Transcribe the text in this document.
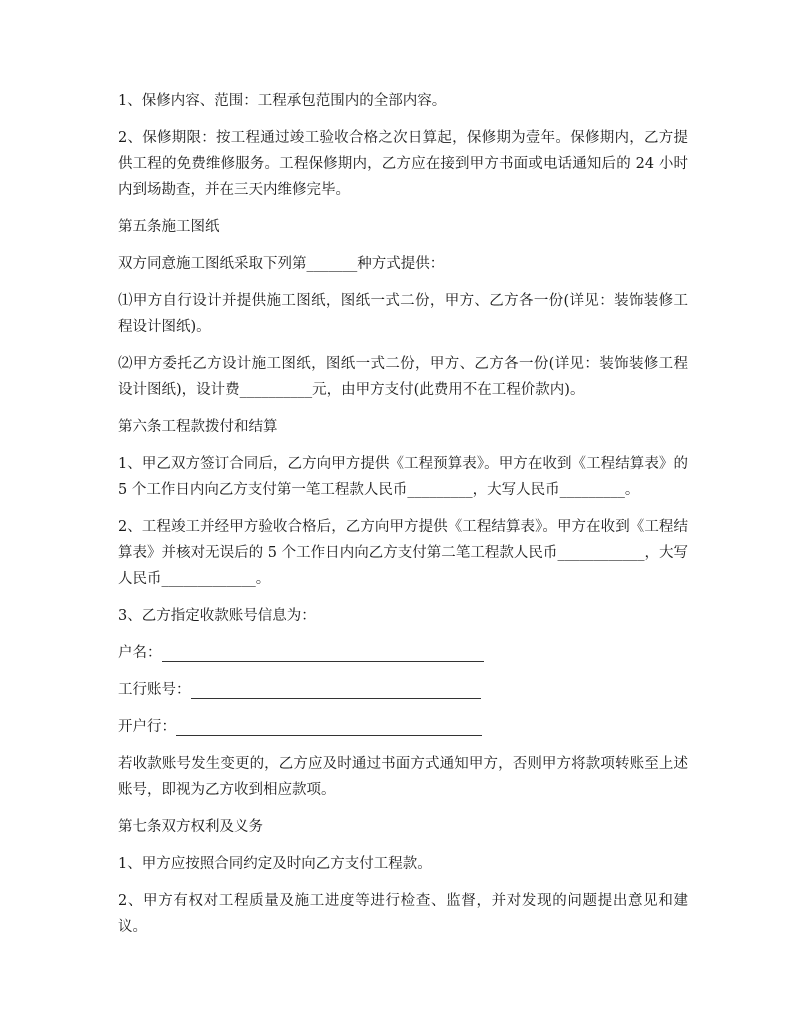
1、保修内容、范围：工程承包范围内的全部内容。

2、保修期限：按工程通过竣工验收合格之次日算起，保修期为壹年。保修期内，乙方提供工程的免费维修服务。工程保修期内，乙方应在接到甲方书面或电话通知后的 24 小时内到场勘查，并在三天内维修完毕。

第五条施工图纸

双方同意施工图纸采取下列第_______种方式提供：

⑴甲方自行设计并提供施工图纸，图纸一式二份，甲方、乙方各一份(详见：装饰装修工程设计图纸)。

⑵甲方委托乙方设计施工图纸，图纸一式二份，甲方、乙方各一份(详见：装饰装修工程设计图纸)，设计费__________元，由甲方支付(此费用不在工程价款内)。

第六条工程款拨付和结算

1、甲乙双方签订合同后，乙方向甲方提供《工程预算表》。甲方在收到《工程结算表》的 5 个工作日内向乙方支付第一笔工程款人民币_________，大写人民币_________。

2、工程竣工并经甲方验收合格后，乙方向甲方提供《工程结算表》。甲方在收到《工程结算表》并核对无误后的 5 个工作日内向乙方支付第二笔工程款人民币____________，大写人民币_____________。

3、乙方指定收款账号信息为：

户名：
工行账号：
开户行：

若收款账号发生变更的，乙方应及时通过书面方式通知甲方，否则甲方将款项转账至上述账号，即视为乙方收到相应款项。

第七条双方权利及义务

1、甲方应按照合同约定及时向乙方支付工程款。

2、甲方有权对工程质量及施工进度等进行检查、监督，并对发现的问题提出意见和建议。
